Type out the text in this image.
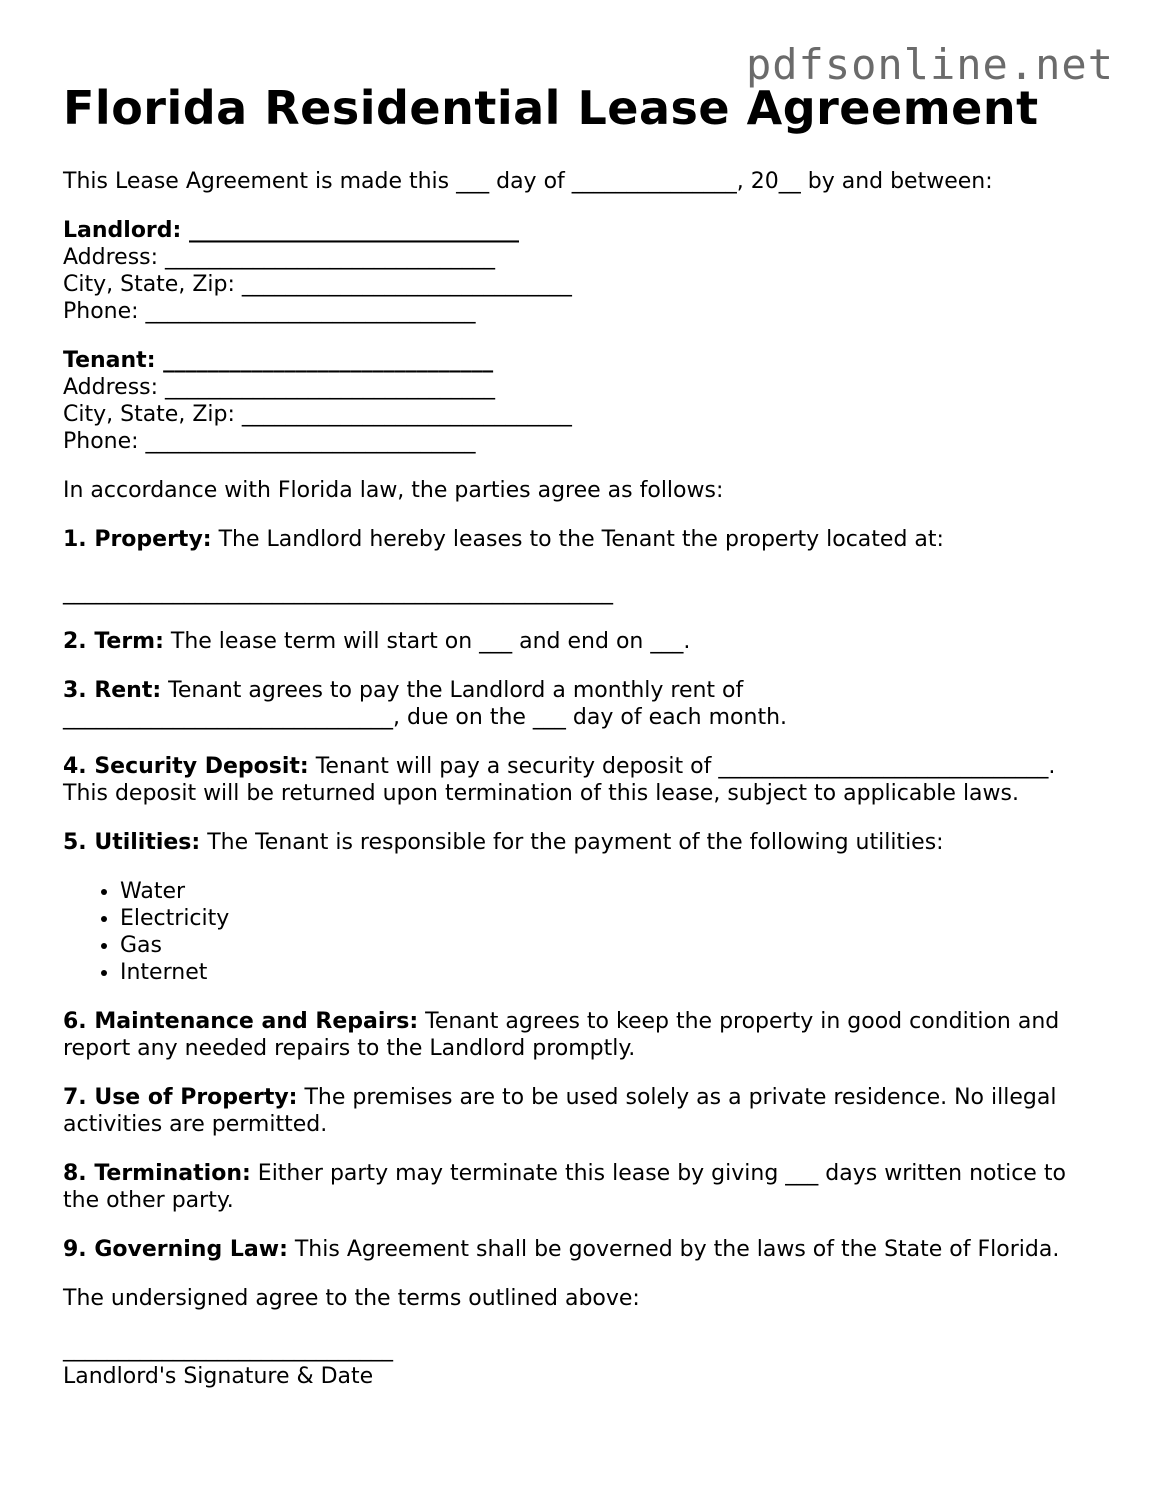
pdfsonline.net
Florida Residential Lease Agreement

This Lease Agreement is made this ___ day of _______________, 20__ by and between:

Landlord: ______________________________
Address: ______________________________
City, State, Zip: ______________________________
Phone: ______________________________
Tenant: ______________________________
Address: ______________________________
City, State, Zip: ______________________________
Phone: ______________________________

In accordance with Florida law, the parties agree as follows:

1. Property: The Landlord hereby leases to the Tenant the property located at:

__________________________________________________

2. Term: The lease term will start on ___ and end on ___.

3. Rent: Tenant agrees to pay the Landlord a monthly rent of
______________________________, due on the ___ day of each month.

4. Security Deposit: Tenant will pay a security deposit of ______________________________. This deposit will be returned upon termination of this lease, subject to applicable laws.

5. Utilities: The Tenant is responsible for the payment of the following utilities:

• Water
• Electricity
• Gas
• Internet

6. Maintenance and Repairs: Tenant agrees to keep the property in good condition and report any needed repairs to the Landlord promptly.

7. Use of Property: The premises are to be used solely as a private residence. No illegal activities are permitted.

8. Termination: Either party may terminate this lease by giving ___ days written notice to the other party.

9. Governing Law: This Agreement shall be governed by the laws of the State of Florida.

The undersigned agree to the terms outlined above:

______________________________
Landlord's Signature & Date
